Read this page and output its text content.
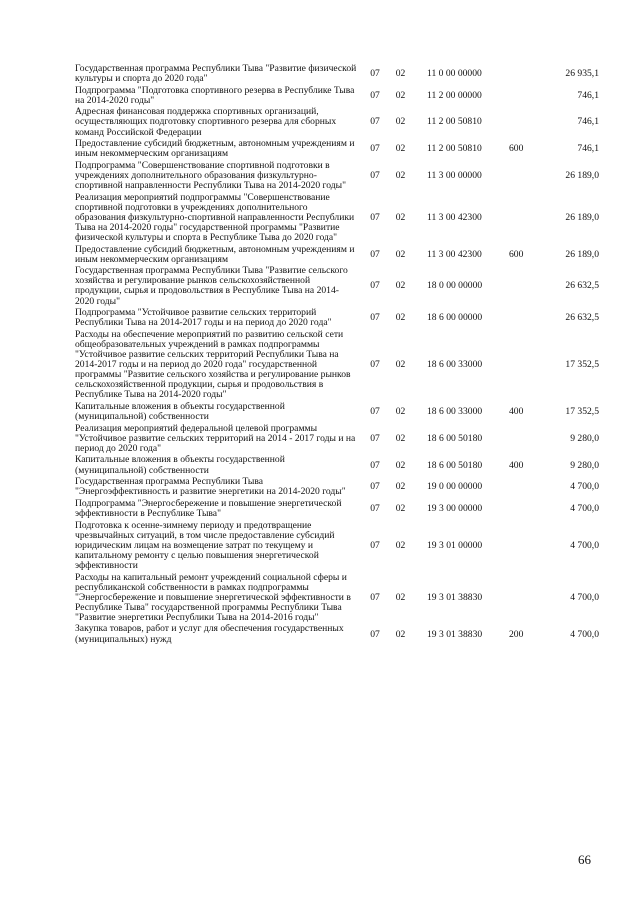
Государственная программа Республики Тыва "Развитие физической культуры и спорта до 2020 года"	07	02	11 0 00 00000		26 935,1
Подпрограмма "Подготовка спортивного резерва в Республике Тыва на 2014-2020 годы"	07	02	11 2 00 00000		746,1
Адресная финансовая поддержка спортивных организаций, осуществляющих подготовку спортивного резерва для сборных команд Российской Федерации	07	02	11 2 00 50810		746,1
Предоставление субсидий бюджетным, автономным учреждениям и иным некоммерческим организациям	07	02	11 2 00 50810	600	746,1
Подпрограмма "Совершенствование спортивной подготовки в учреждениях дополнительного образования физкультурно-спортивной направленности Республики Тыва на 2014-2020 годы"	07	02	11 3 00 00000		26 189,0
Реализация мероприятий подпрограммы "Совершенствование спортивной подготовки в учреждениях дополнительного образования физкультурно-спортивной направленности Республики Тыва на 2014-2020 годы" государственной программы "Развитие физической культуры и спорта в Республике Тыва до 2020 года"	07	02	11 3 00 42300		26 189,0
Предоставление субсидий бюджетным, автономным учреждениям и иным некоммерческим организациям	07	02	11 3 00 42300	600	26 189,0
Государственная программа Республики Тыва "Развитие сельского хозяйства и регулирование рынков сельскохозяйственной продукции, сырья и продовольствия в Республике Тыва на 2014-2020 годы"	07	02	18 0 00 00000		26 632,5
Подпрограмма "Устойчивое развитие сельских территорий Республики Тыва на 2014-2017 годы и на период до 2020 года"	07	02	18 6 00 00000		26 632,5
Расходы на обеспечение мероприятий по развитию сельской сети общеобразовательных учреждений в рамках подпрограммы "Устойчивое развитие сельских территорий Республики Тыва на 2014-2017 годы и на период до 2020 года" государственной программы "Развитие сельского хозяйства и регулирование рынков сельскохозяйственной продукции, сырья и продовольствия в Республике Тыва на 2014-2020 годы"	07	02	18 6 00 33000		17 352,5
Капитальные вложения в объекты государственной (муниципальной) собственности	07	02	18 6 00 33000	400	17 352,5
Реализация мероприятий федеральной целевой программы "Устойчивое развитие сельских территорий на 2014 - 2017 годы и на период до 2020 года"	07	02	18 6 00 50180		9 280,0
Капитальные вложения в объекты государственной (муниципальной) собственности	07	02	18 6 00 50180	400	9 280,0
Государственная программа Республики Тыва "Энергоэффективность и развитие энергетики на 2014-2020 годы"	07	02	19 0 00 00000		4 700,0
Подпрограмма "Энергосбережение и повышение энергетической эффективности в Республике Тыва"	07	02	19 3 00 00000		4 700,0
Подготовка к осенне-зимнему периоду и предотвращение чрезвычайных ситуаций, в том числе предоставление субсидий юридическим лицам на возмещение затрат по текущему и капитальному ремонту с целью повышения энергетической эффективности	07	02	19 3 01 00000		4 700,0
Расходы на капитальный ремонт учреждений социальной сферы и республиканской собственности в рамках подпрограммы "Энергосбережение и повышение энергетической эффективности в Республике Тыва" государственной программы Республики Тыва "Развитие энергетики Республики Тыва на 2014-2016 годы"	07	02	19 3 01 38830		4 700,0
Закупка товаров, работ и услуг для обеспечения государственных (муниципальных) нужд	07	02	19 3 01 38830	200	4 700,0
66
